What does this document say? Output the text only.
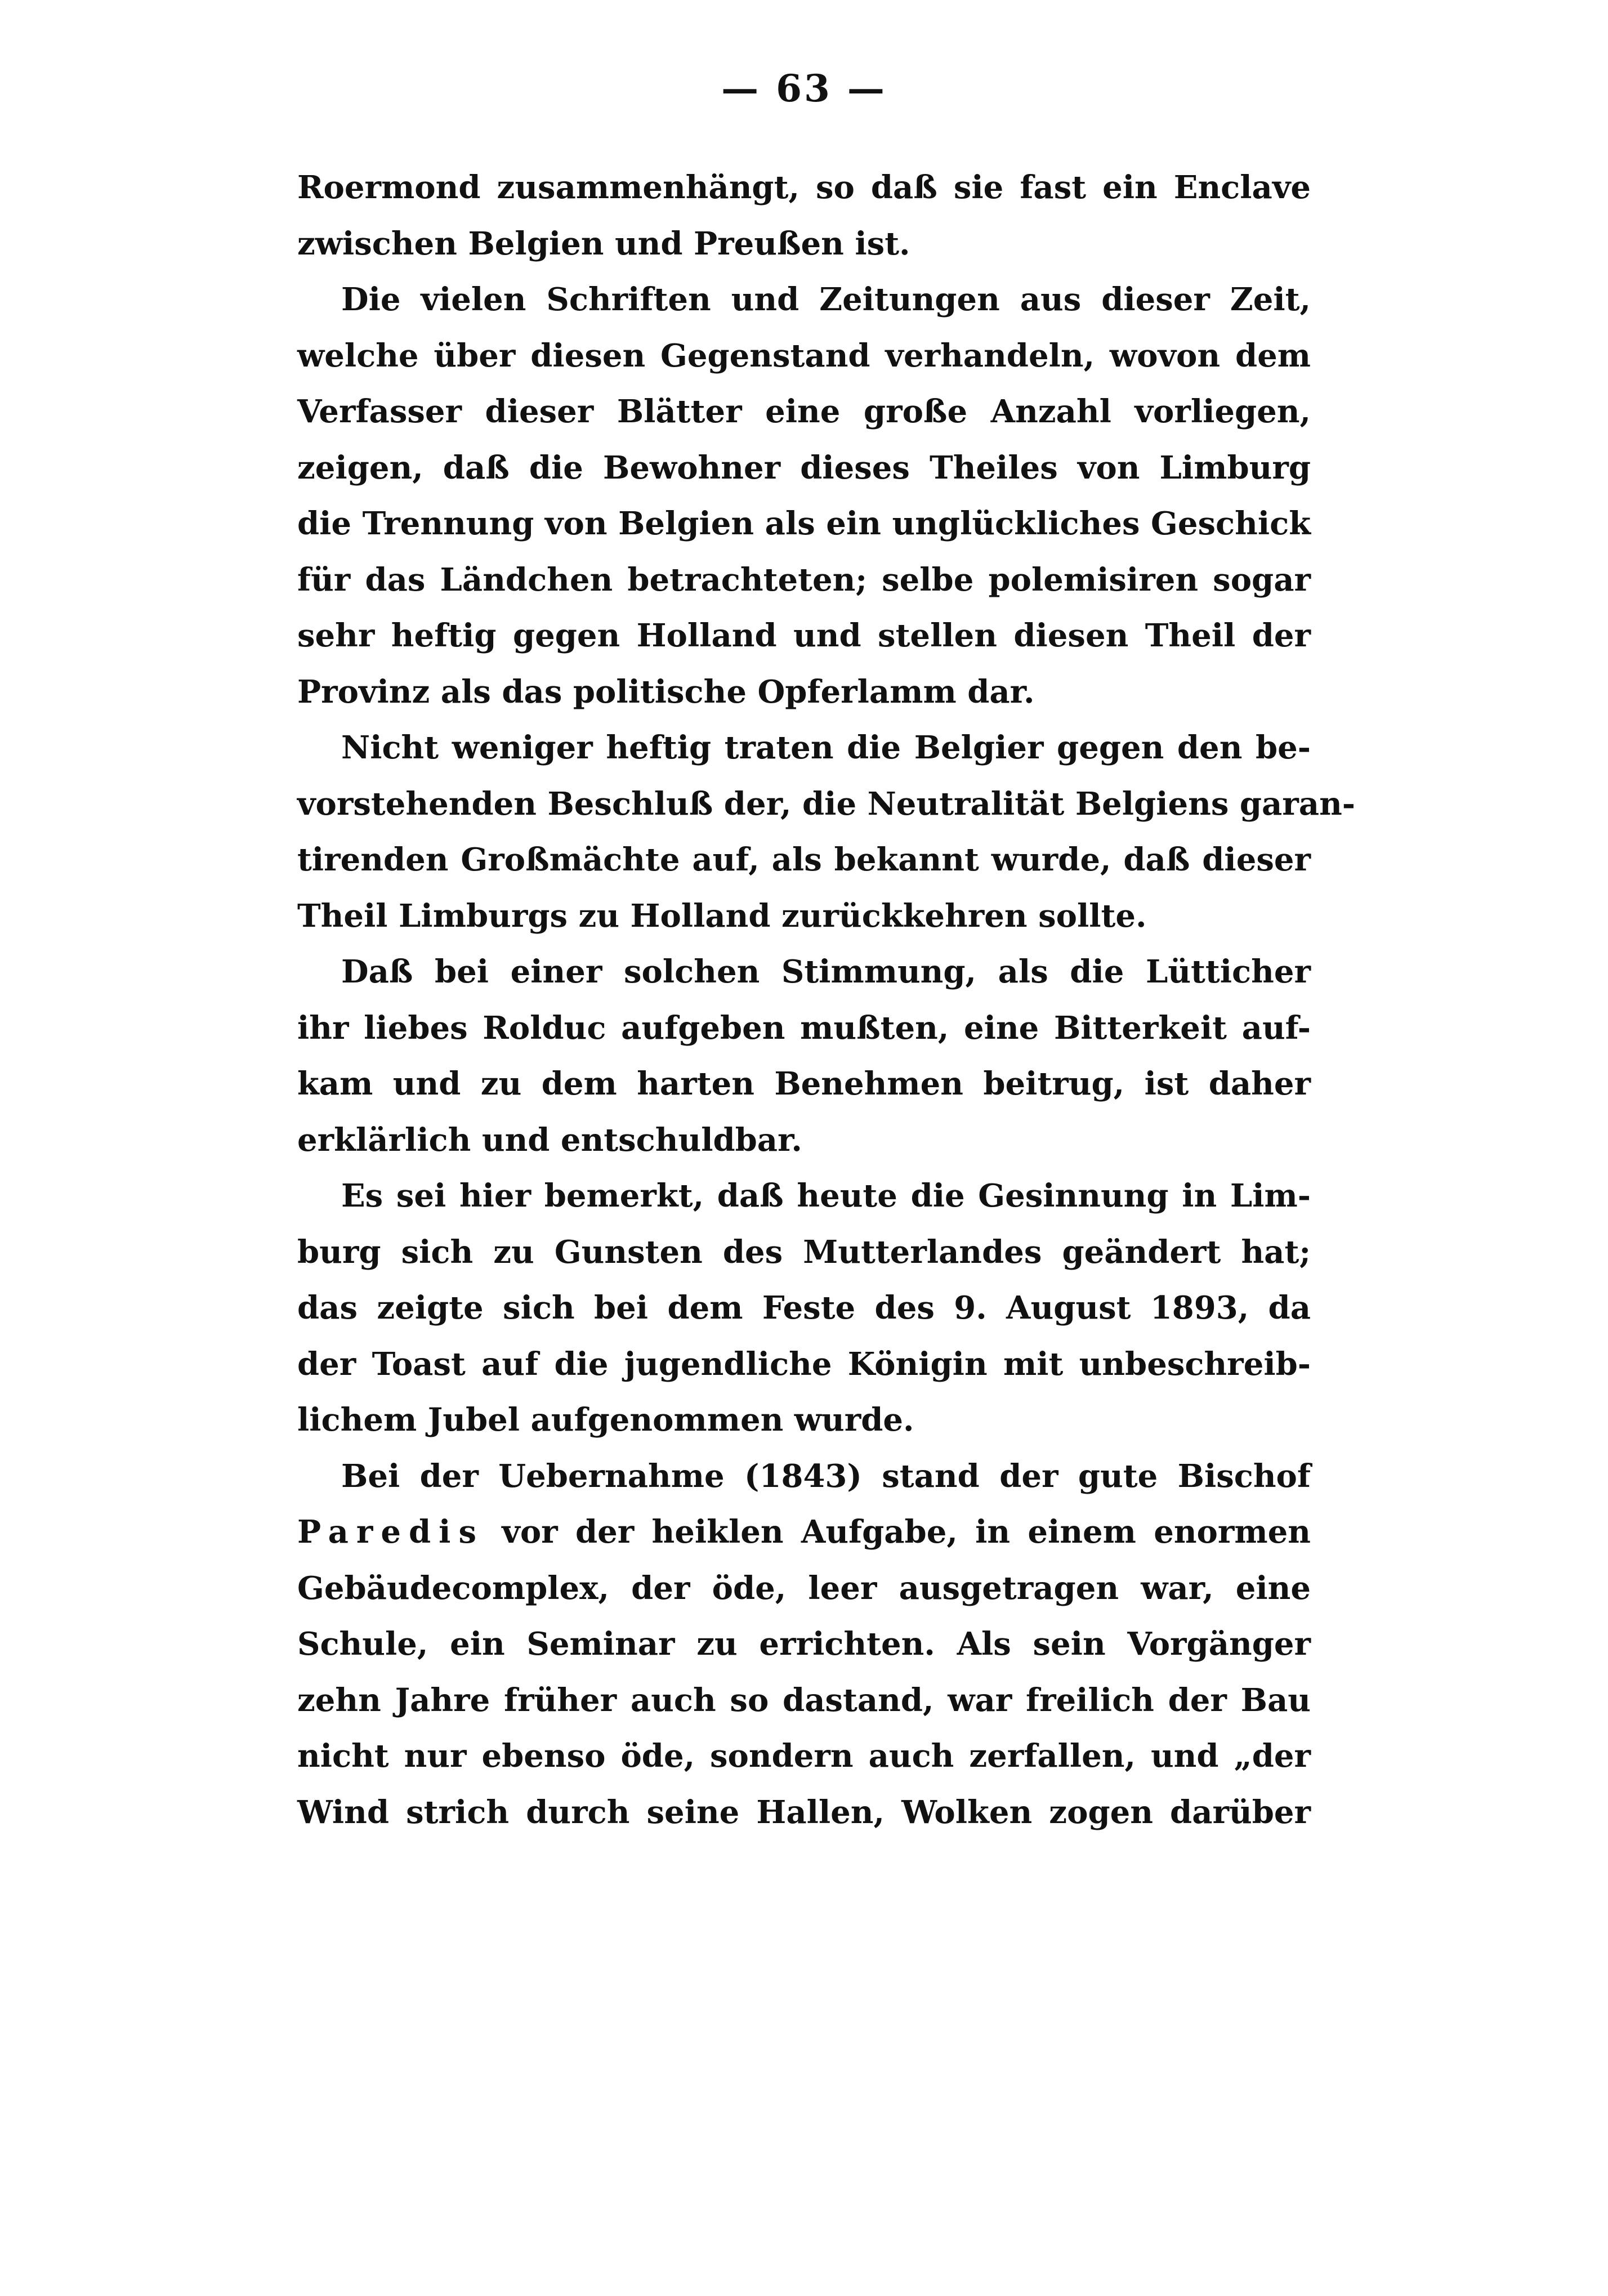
— 63 —
Roermond zusammenhängt, so daß sie fast ein Enclave
zwischen Belgien und Preußen ist.
Die vielen Schriften und Zeitungen aus dieser Zeit,
welche über diesen Gegenstand verhandeln, wovon dem
Verfasser dieser Blätter eine große Anzahl vorliegen,
zeigen, daß die Bewohner dieses Theiles von Limburg
die Trennung von Belgien als ein unglückliches Geschick
für das Ländchen betrachteten; selbe polemisiren sogar
sehr heftig gegen Holland und stellen diesen Theil der
Provinz als das politische Opferlamm dar.
Nicht weniger heftig traten die Belgier gegen den be-
vorstehenden Beschluß der, die Neutralität Belgiens garan-
tirenden Großmächte auf, als bekannt wurde, daß dieser
Theil Limburgs zu Holland zurückkehren sollte.
Daß bei einer solchen Stimmung, als die Lütticher
ihr liebes Rolduc aufgeben mußten, eine Bitterkeit auf-
kam und zu dem harten Benehmen beitrug, ist daher
erklärlich und entschuldbar.
Es sei hier bemerkt, daß heute die Gesinnung in Lim-
burg sich zu Gunsten des Mutterlandes geändert hat;
das zeigte sich bei dem Feste des 9. August 1893, da
der Toast auf die jugendliche Königin mit unbeschreib-
lichem Jubel aufgenommen wurde.
Bei der Uebernahme (1843) stand der gute Bischof
Paredis vor der heiklen Aufgabe, in einem enormen
Gebäudecomplex, der öde, leer ausgetragen war, eine
Schule, ein Seminar zu errichten. Als sein Vorgänger
zehn Jahre früher auch so dastand, war freilich der Bau
nicht nur ebenso öde, sondern auch zerfallen, und „der
Wind strich durch seine Hallen, Wolken zogen darüber
